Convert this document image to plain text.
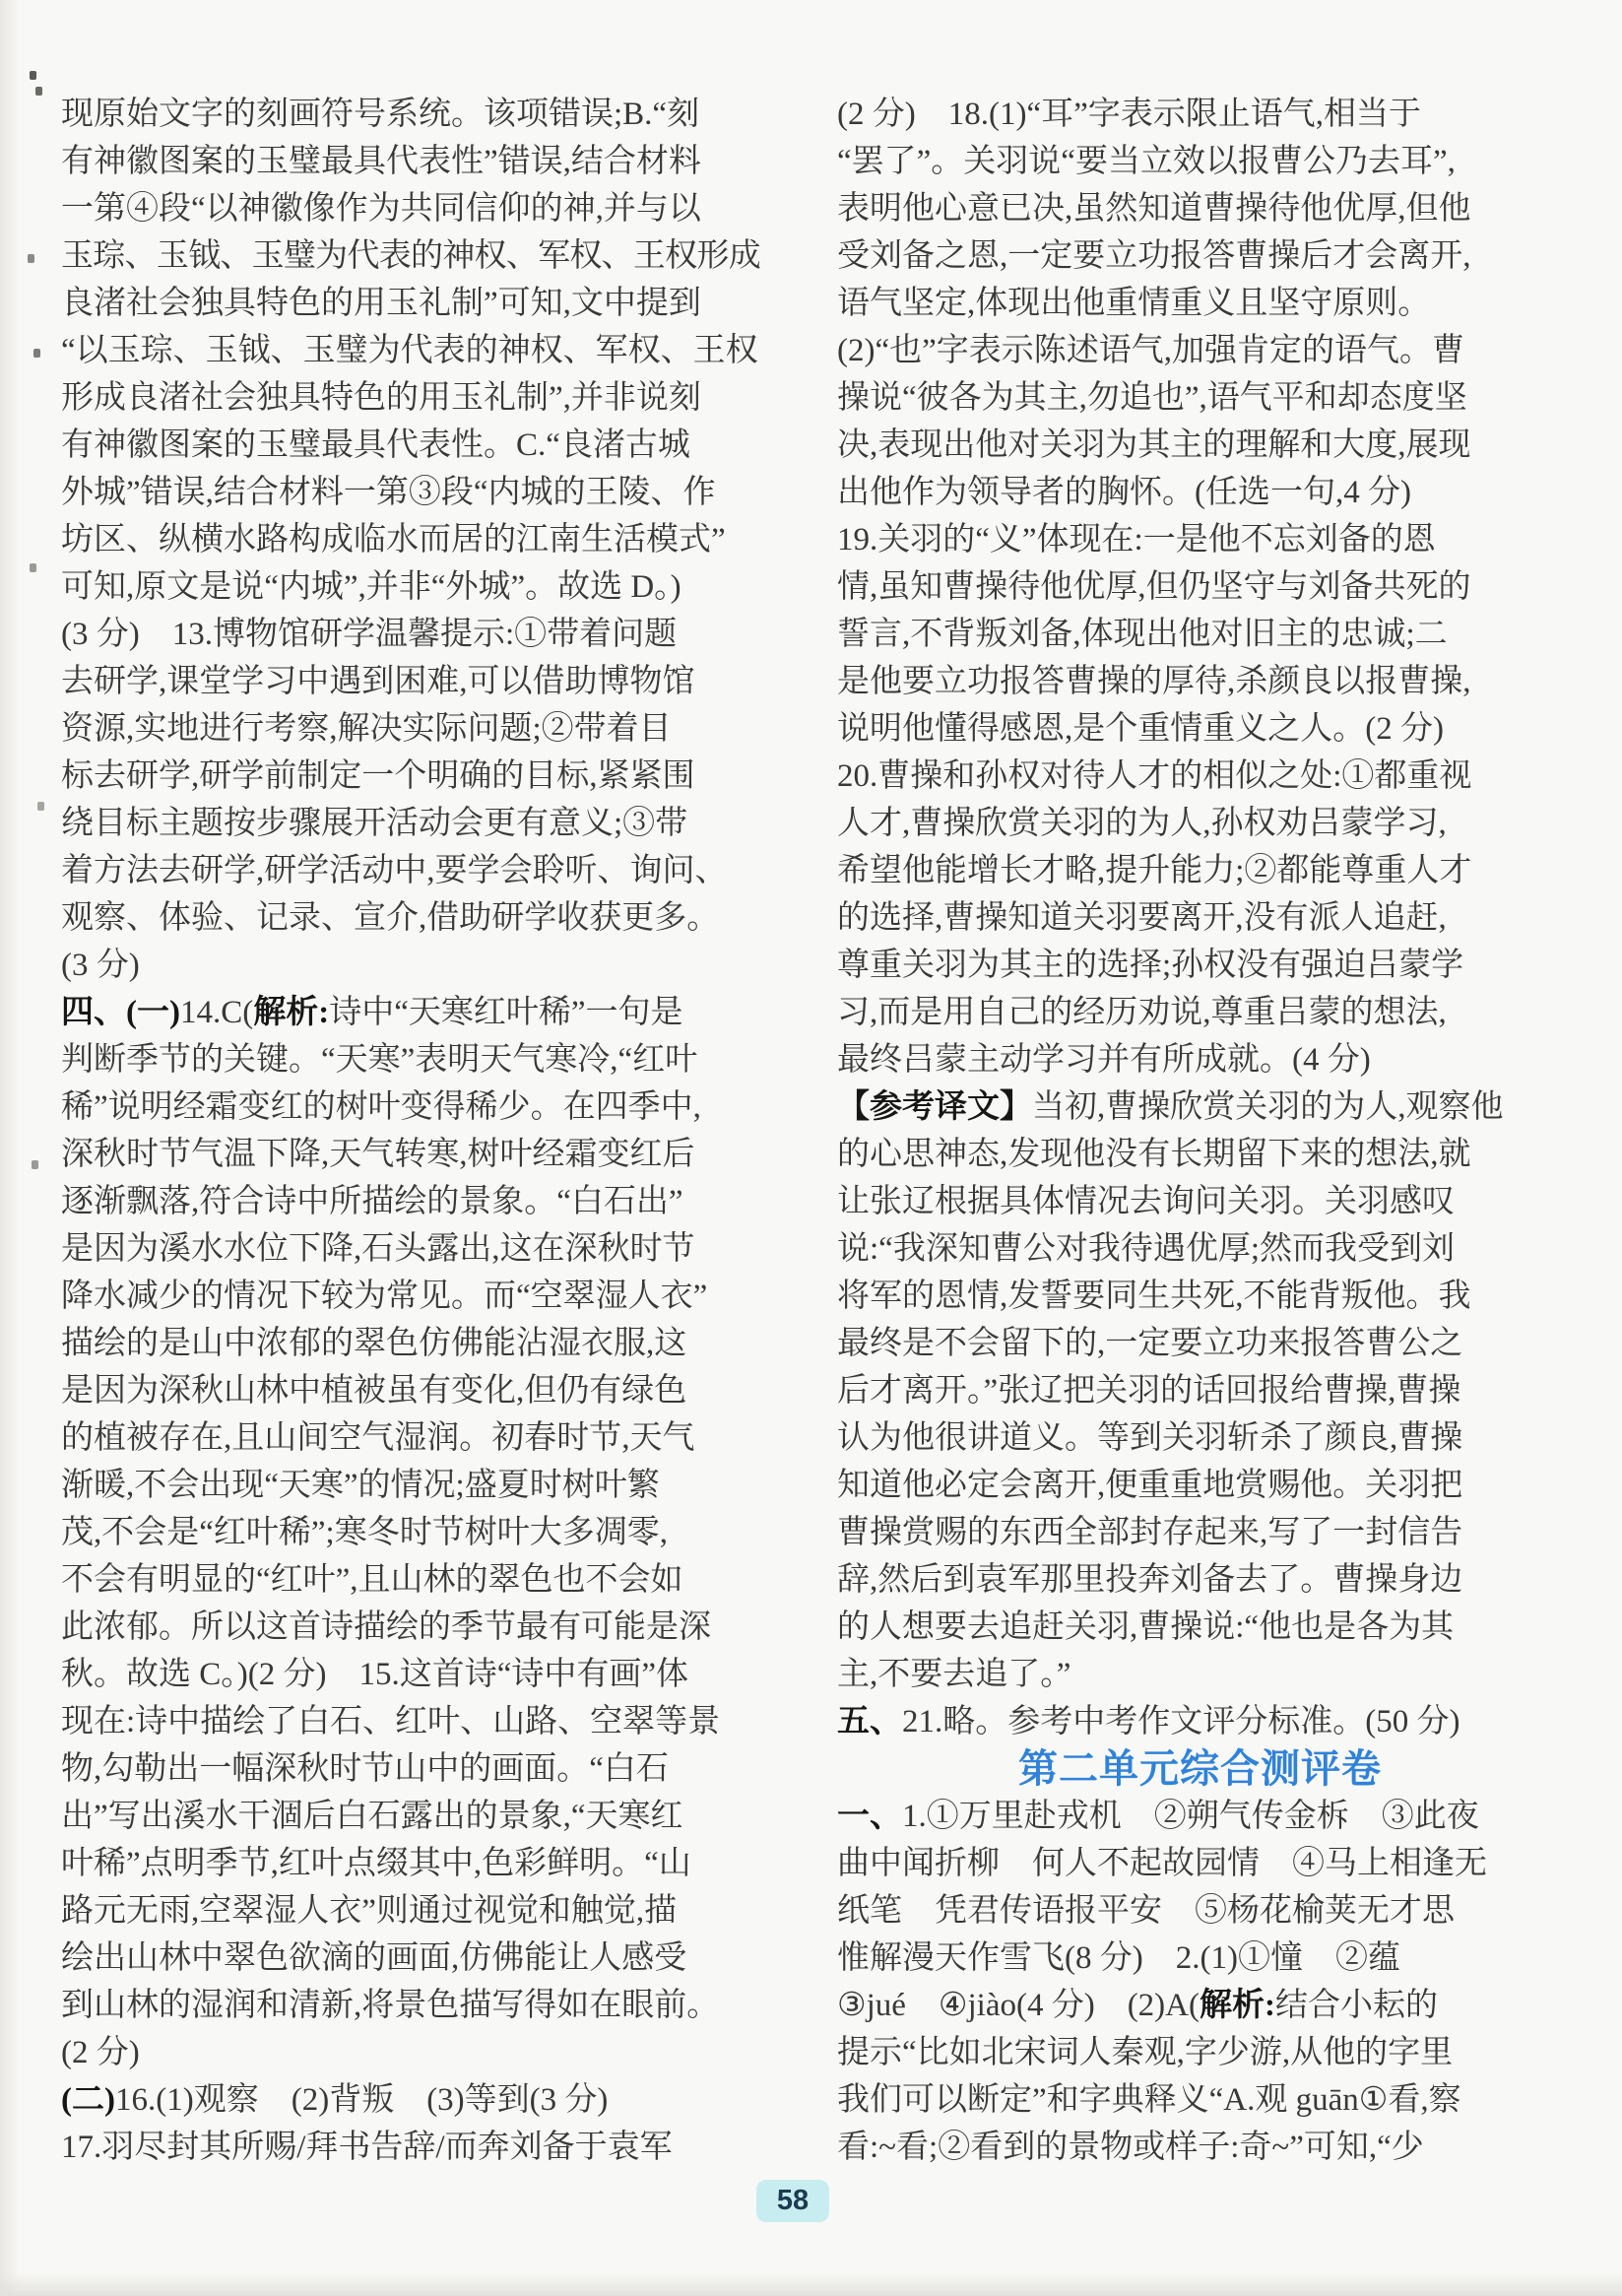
现原始文字的刻画符号系统。该项错误;B.“刻
有神徽图案的玉璧最具代表性”错误,结合材料
一第④段“以神徽像作为共同信仰的神,并与以
玉琮、玉钺、玉璧为代表的神权、军权、王权形成
良渚社会独具特色的用玉礼制”可知,文中提到
“以玉琮、玉钺、玉璧为代表的神权、军权、王权
形成良渚社会独具特色的用玉礼制”,并非说刻
有神徽图案的玉璧最具代表性。C.“良渚古城
外城”错误,结合材料一第③段“内城的王陵、作
坊区、纵横水路构成临水而居的江南生活模式”
可知,原文是说“内城”,并非“外城”。故选 D。)
(3 分)　13.博物馆研学温馨提示:①带着问题
去研学,课堂学习中遇到困难,可以借助博物馆
资源,实地进行考察,解决实际问题;②带着目
标去研学,研学前制定一个明确的目标,紧紧围
绕目标主题按步骤展开活动会更有意义;③带
着方法去研学,研学活动中,要学会聆听、询问、
观察、体验、记录、宣介,借助研学收获更多。
(3 分)
四、(一)14.C(解析:诗中“天寒红叶稀”一句是
判断季节的关键。“天寒”表明天气寒冷,“红叶
稀”说明经霜变红的树叶变得稀少。在四季中,
深秋时节气温下降,天气转寒,树叶经霜变红后
逐渐飘落,符合诗中所描绘的景象。“白石出”
是因为溪水水位下降,石头露出,这在深秋时节
降水减少的情况下较为常见。而“空翠湿人衣”
描绘的是山中浓郁的翠色仿佛能沾湿衣服,这
是因为深秋山林中植被虽有变化,但仍有绿色
的植被存在,且山间空气湿润。初春时节,天气
渐暖,不会出现“天寒”的情况;盛夏时树叶繁
茂,不会是“红叶稀”;寒冬时节树叶大多凋零,
不会有明显的“红叶”,且山林的翠色也不会如
此浓郁。所以这首诗描绘的季节最有可能是深
秋。故选 C。)(2 分)　15.这首诗“诗中有画”体
现在:诗中描绘了白石、红叶、山路、空翠等景
物,勾勒出一幅深秋时节山中的画面。“白石
出”写出溪水干涸后白石露出的景象,“天寒红
叶稀”点明季节,红叶点缀其中,色彩鲜明。“山
路元无雨,空翠湿人衣”则通过视觉和触觉,描
绘出山林中翠色欲滴的画面,仿佛能让人感受
到山林的湿润和清新,将景色描写得如在眼前。
(2 分)
(二)16.(1)观察　(2)背叛　(3)等到(3 分)
17.羽尽封其所赐/拜书告辞/而奔刘备于袁军
(2 分)　18.(1)“耳”字表示限止语气,相当于
“罢了”。关羽说“要当立效以报曹公乃去耳”,
表明他心意已决,虽然知道曹操待他优厚,但他
受刘备之恩,一定要立功报答曹操后才会离开,
语气坚定,体现出他重情重义且坚守原则。
(2)“也”字表示陈述语气,加强肯定的语气。曹
操说“彼各为其主,勿追也”,语气平和却态度坚
决,表现出他对关羽为其主的理解和大度,展现
出他作为领导者的胸怀。(任选一句,4 分)
19.关羽的“义”体现在:一是他不忘刘备的恩
情,虽知曹操待他优厚,但仍坚守与刘备共死的
誓言,不背叛刘备,体现出他对旧主的忠诚;二
是他要立功报答曹操的厚待,杀颜良以报曹操,
说明他懂得感恩,是个重情重义之人。(2 分)
20.曹操和孙权对待人才的相似之处:①都重视
人才,曹操欣赏关羽的为人,孙权劝吕蒙学习,
希望他能增长才略,提升能力;②都能尊重人才
的选择,曹操知道关羽要离开,没有派人追赶,
尊重关羽为其主的选择;孙权没有强迫吕蒙学
习,而是用自己的经历劝说,尊重吕蒙的想法,
最终吕蒙主动学习并有所成就。(4 分)
【参考译文】当初,曹操欣赏关羽的为人,观察他
的心思神态,发现他没有长期留下来的想法,就
让张辽根据具体情况去询问关羽。关羽感叹
说:“我深知曹公对我待遇优厚;然而我受到刘
将军的恩情,发誓要同生共死,不能背叛他。我
最终是不会留下的,一定要立功来报答曹公之
后才离开。”张辽把关羽的话回报给曹操,曹操
认为他很讲道义。等到关羽斩杀了颜良,曹操
知道他必定会离开,便重重地赏赐他。关羽把
曹操赏赐的东西全部封存起来,写了一封信告
辞,然后到袁军那里投奔刘备去了。曹操身边
的人想要去追赶关羽,曹操说:“他也是各为其
主,不要去追了。”
五、21.略。参考中考作文评分标准。(50 分)
第二单元综合测评卷
一、1.①万里赴戎机　②朔气传金柝　③此夜
曲中闻折柳　何人不起故园情　④马上相逢无
纸笔　凭君传语报平安　⑤杨花榆荚无才思
惟解漫天作雪飞(8 分)　2.(1)①憧　②蕴
③jué　④jiào(4 分)　(2)A(解析:结合小耘的
提示“比如北宋词人秦观,字少游,从他的字里
我们可以断定”和字典释义“A.观 guān①看,察
看:~看;②看到的景物或样子:奇~”可知,“少
58
